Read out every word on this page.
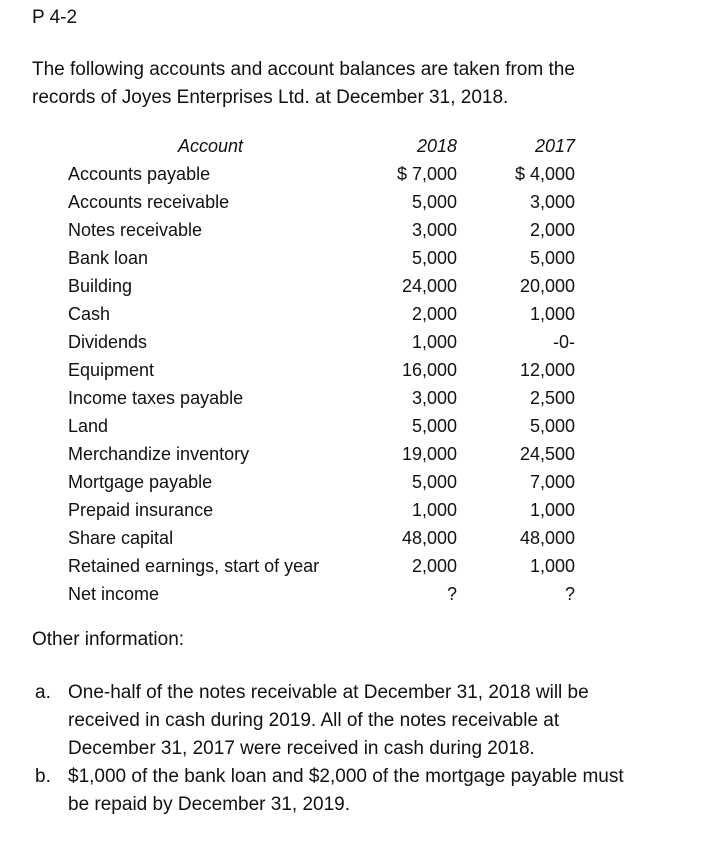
P 4-2
The following accounts and account balances are taken from the
records of Joyes Enterprises Ltd. at December 31, 2018.
Account	2018	2017
Accounts payable	$ 7,000	$ 4,000
Accounts receivable	5,000	3,000
Notes receivable	3,000	2,000
Bank loan	5,000	5,000
Building	24,000	20,000
Cash	2,000	1,000
Dividends	1,000	-0-
Equipment	16,000	12,000
Income taxes payable	3,000	2,500
Land	5,000	5,000
Merchandize inventory	19,000	24,500
Mortgage payable	5,000	7,000
Prepaid insurance	1,000	1,000
Share capital	48,000	48,000
Retained earnings, start of year	2,000	1,000
Net income	?	?
Other information:
a. One-half of the notes receivable at December 31, 2018 will be
received in cash during 2019. All of the notes receivable at
December 31, 2017 were received in cash during 2018.
b. $1,000 of the bank loan and $2,000 of the mortgage payable must
be repaid by December 31, 2019.
